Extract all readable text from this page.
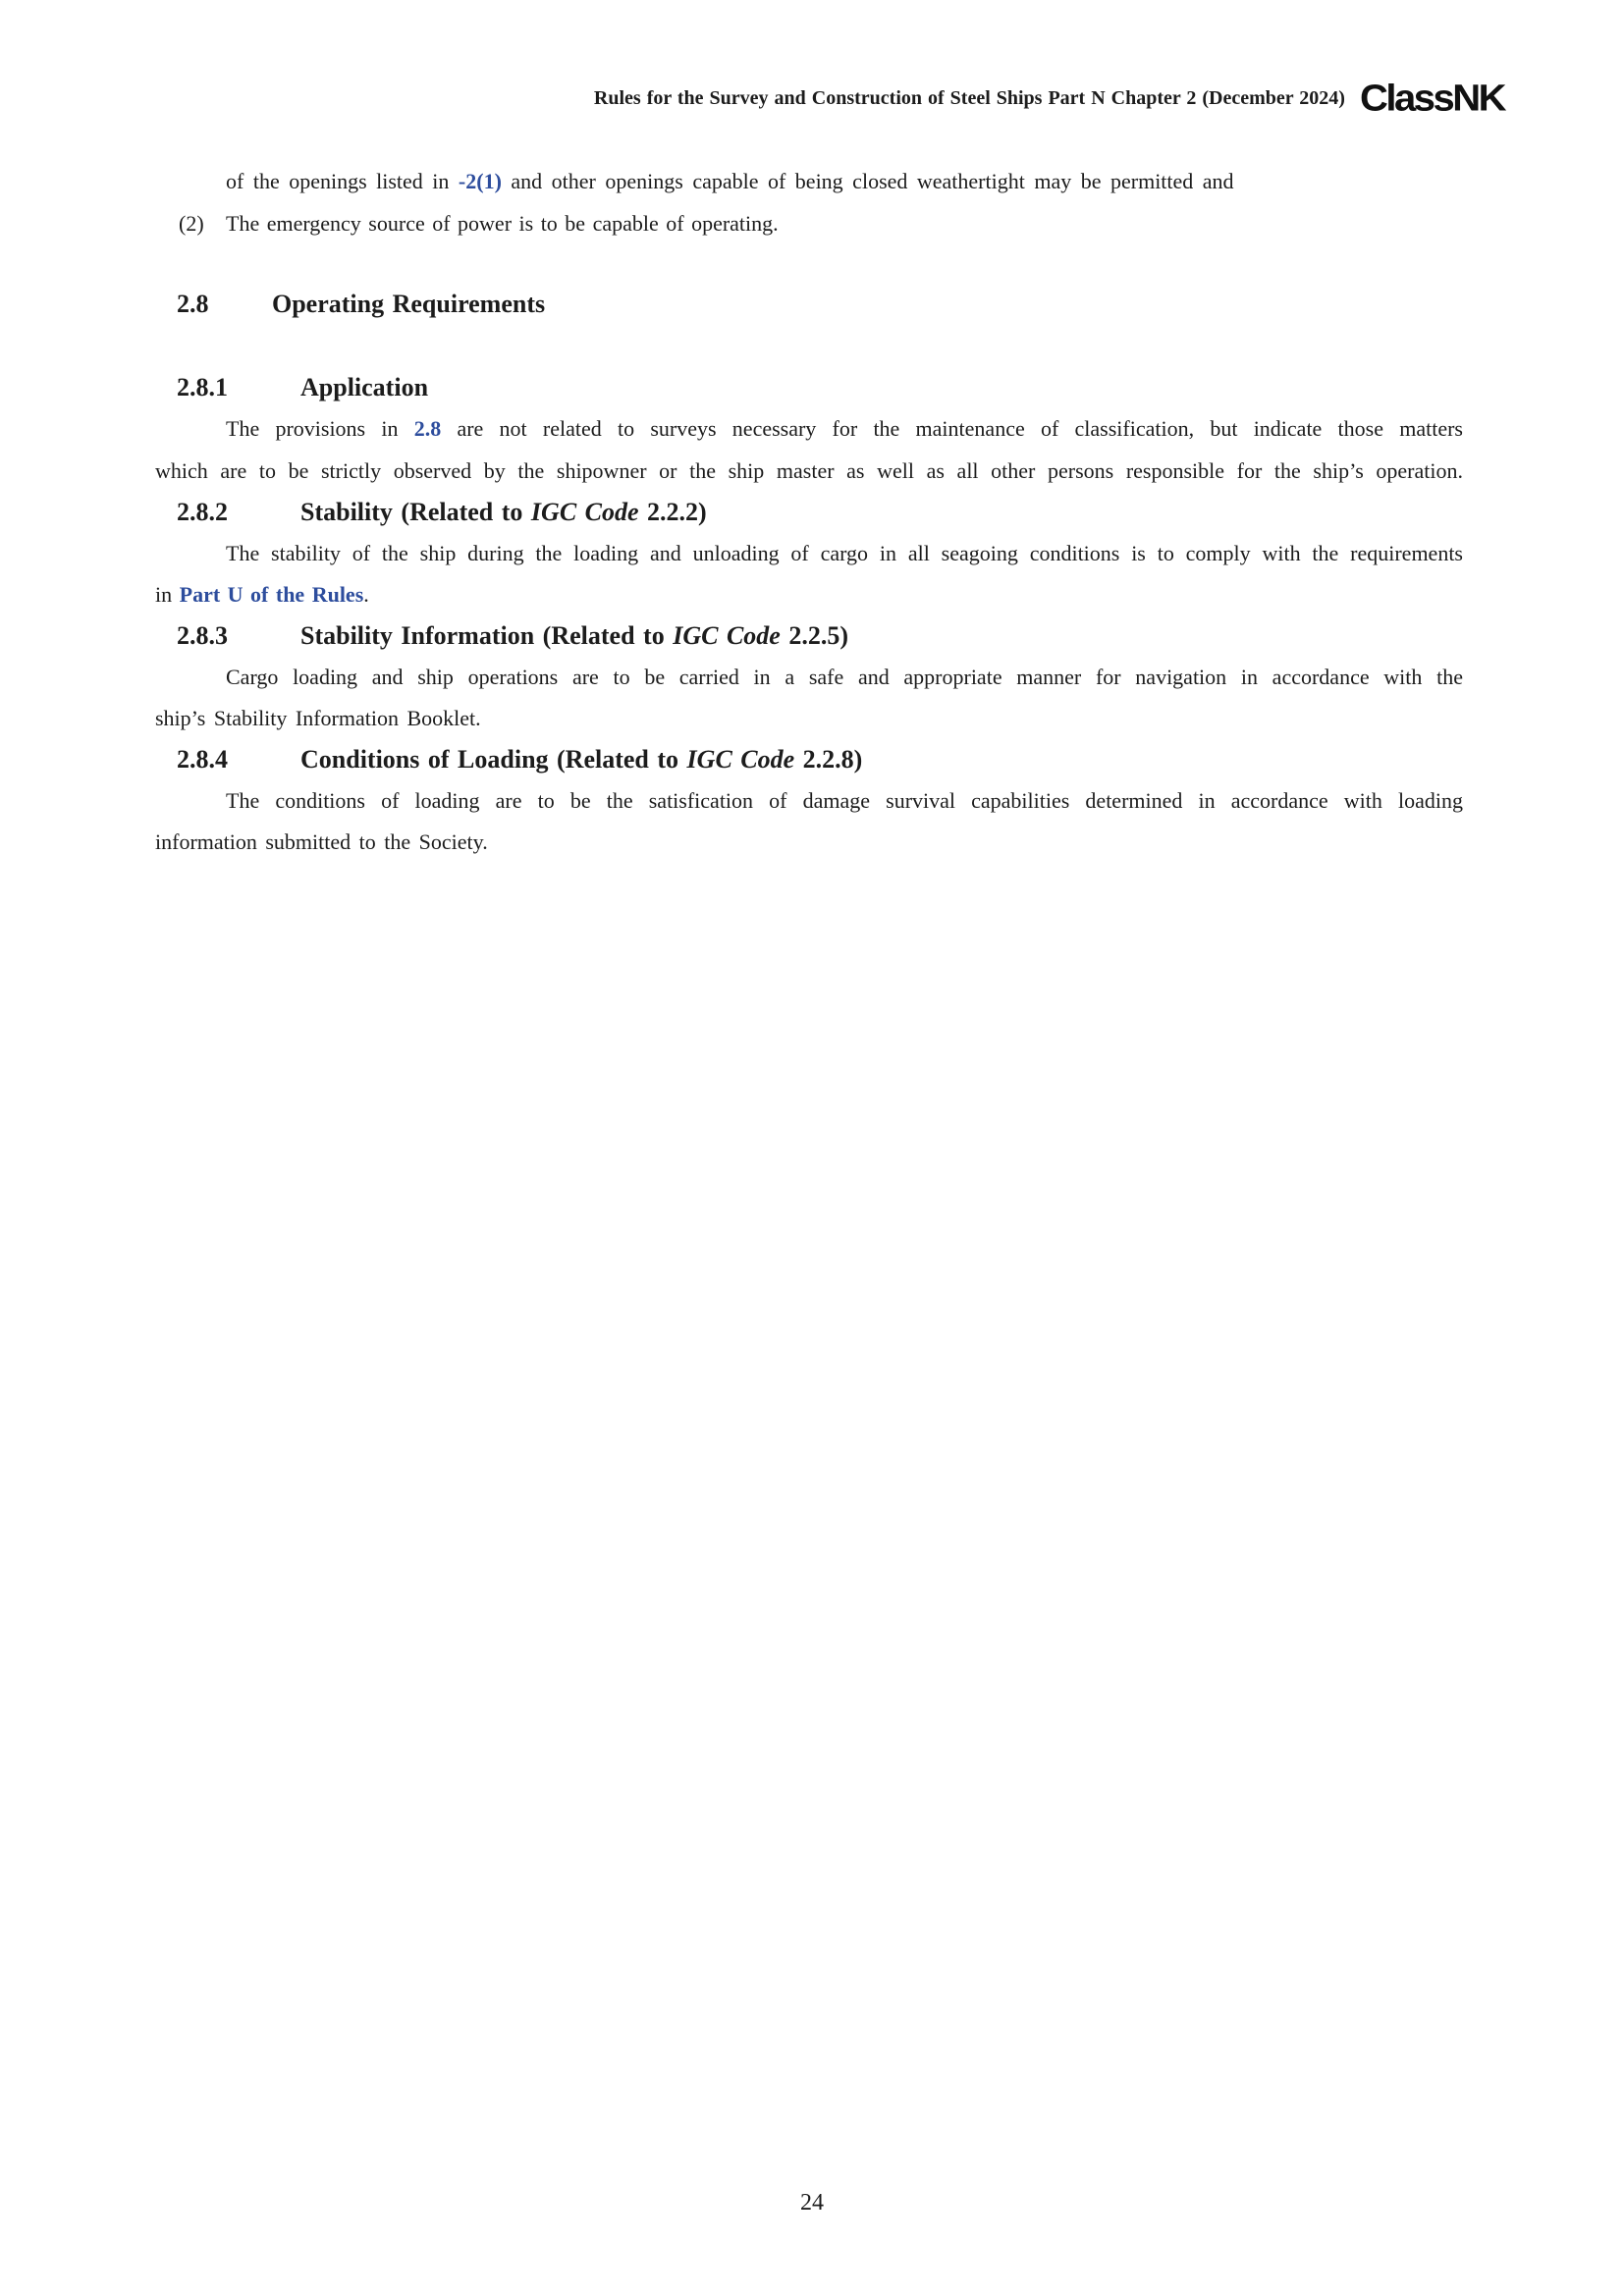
Rules for the Survey and Construction of Steel Ships Part N Chapter 2 (December 2024) ClassNK
of the openings listed in -2(1) and other openings capable of being closed weathertight may be permitted and
(2) The emergency source of power is to be capable of operating.
2.8 Operating Requirements
2.8.1	Application
The provisions in 2.8 are not related to surveys necessary for the maintenance of classification, but indicate those matters
which are to be strictly observed by the shipowner or the ship master as well as all other persons responsible for the ship’s operation.
2.8.2	Stability (Related to IGC Code 2.2.2)
The stability of the ship during the loading and unloading of cargo in all seagoing conditions is to comply with the requirements
in Part U of the Rules.
2.8.3	Stability Information (Related to IGC Code 2.2.5)
Cargo loading and ship operations are to be carried in a safe and appropriate manner for navigation in accordance with the
ship’s Stability Information Booklet.
2.8.4	Conditions of Loading (Related to IGC Code 2.2.8)
The conditions of loading are to be the satisfication of damage survival capabilities determined in accordance with loading
information submitted to the Society.
24
